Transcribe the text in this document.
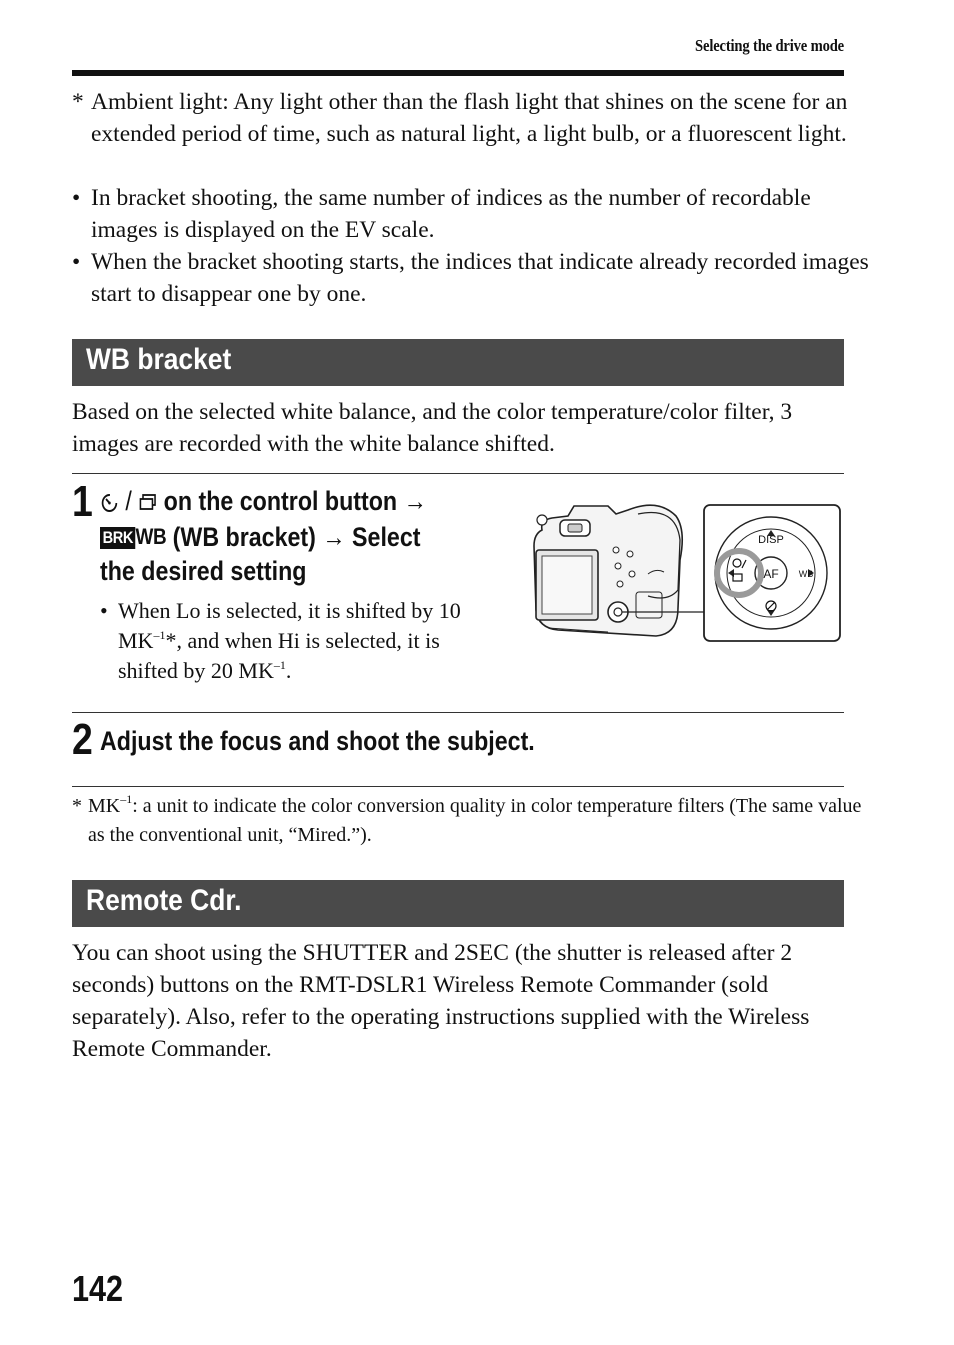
Selecting the drive mode
* Ambient light: Any light other than the flash light that shines on the scene for an extended period of time, such as natural light, a light bulb, or a fluorescent light.
• In bracket shooting, the same number of indices as the number of recordable images is displayed on the EV scale.
• When the bracket shooting starts, the indices that indicate already recorded images start to disappear one by one.
WB bracket
Based on the selected white balance, and the color temperature/color filter, 3 images are recorded with the white balance shifted.
1 /  on the control button →
BRK WB (WB bracket) → Select
the desired setting
• When Lo is selected, it is shifted by 10
$MK^{-1}*$, and when Hi is selected, it is
shifted by 20 $MK^{-1}$.
DISP
AF WB
2 Adjust the focus and shoot the subject.
* $MK^{-1}$: a unit to indicate the color conversion quality in color temperature filters (The same value as the conventional unit, “Mired.”).
Remote Cdr.
You can shoot using the SHUTTER and 2SEC (the shutter is released after 2 seconds) buttons on the RMT-DSLR1 Wireless Remote Commander (sold separately). Also, refer to the operating instructions supplied with the Wireless Remote Commander.
142
